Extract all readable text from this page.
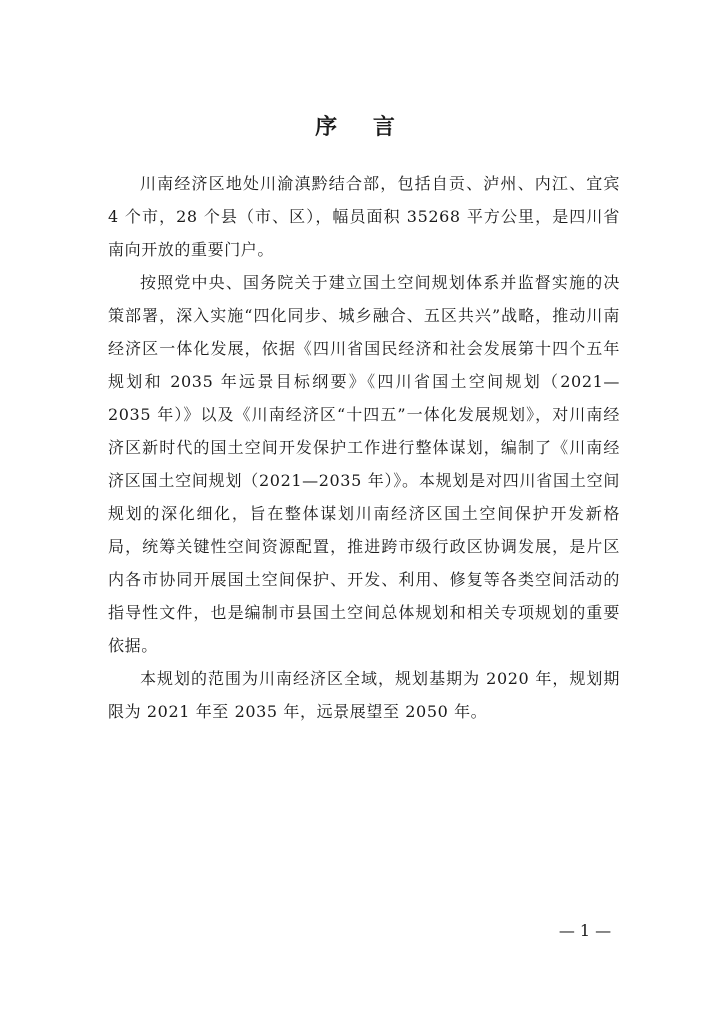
序 言

川南经济区地处川渝滇黔结合部，包括自贡、泸州、内江、宜宾 4 个市，28 个县（市、区），幅员面积 35268 平方公里，是四川省南向开放的重要门户。

按照党中央、国务院关于建立国土空间规划体系并监督实施的决策部署，深入实施“四化同步、城乡融合、五区共兴”战略，推动川南经济区一体化发展，依据《四川省国民经济和社会发展第十四个五年规划和 2035 年远景目标纲要》《四川省国土空间规划（2021—2035 年）》以及《川南经济区“十四五”一体化发展规划》，对川南经济区新时代的国土空间开发保护工作进行整体谋划，编制了《川南经济区国土空间规划（2021—2035 年）》。本规划是对四川省国土空间规划的深化细化，旨在整体谋划川南经济区国土空间保护开发新格局，统筹关键性空间资源配置，推进跨市级行政区协调发展，是片区内各市协同开展国土空间保护、开发、利用、修复等各类空间活动的指导性文件，也是编制市县国土空间总体规划和相关专项规划的重要依据。

本规划的范围为川南经济区全域，规划基期为 2020 年，规划期限为 2021 年至 2035 年，远景展望至 2050 年。

— 1 —
